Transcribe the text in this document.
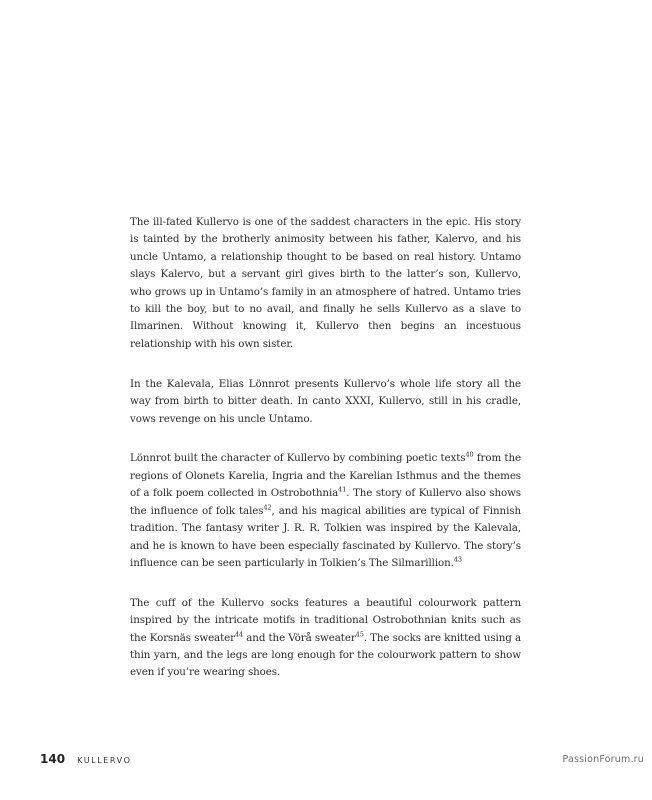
The ill-fated Kullervo is one of the saddest characters in the epic. His story is tainted by the brotherly animosity between his father, Kalervo, and his uncle Untamo, a relationship thought to be based on real history. Untamo slays Kalervo, but a servant girl gives birth to the latter’s son, Kullervo, who grows up in Untamo’s family in an atmosphere of hatred. Untamo tries to kill the boy, but to no avail, and finally he sells Kullervo as a slave to Ilmarinen. Without knowing it, Kullervo then begins an incestuous relationship with his own sister.

In the Kalevala, Elias Lönnrot presents Kullervo’s whole life story all the way from birth to bitter death. In canto XXXI, Kullervo, still in his cradle, vows revenge on his uncle Untamo.

Lönnrot built the character of Kullervo by combining poetic texts$^{40}$ from the regions of Olonets Karelia, Ingria and the Karelian Isthmus and the themes of a folk poem collected in Ostrobothnia$^{41}$. The story of Kullervo also shows the influence of folk tales$^{42}$, and his magical abilities are typical of Finnish tradition. The fantasy writer J. R. R. Tolkien was inspired by the Kalevala, and he is known to have been especially fascinated by Kullervo. The story’s influence can be seen particularly in Tolkien’s The Silmarillion.$^{43}$

The cuff of the Kullervo socks features a beautiful colourwork pattern inspired by the intricate motifs in traditional Ostrobothnian knits such as the Korsnäs sweater$^{44}$ and the Vörå sweater$^{45}$. The socks are knitted using a thin yarn, and the legs are long enough for the colourwork pattern to show even if you’re wearing shoes.

140 KULLERVO	PassionForum.ru
